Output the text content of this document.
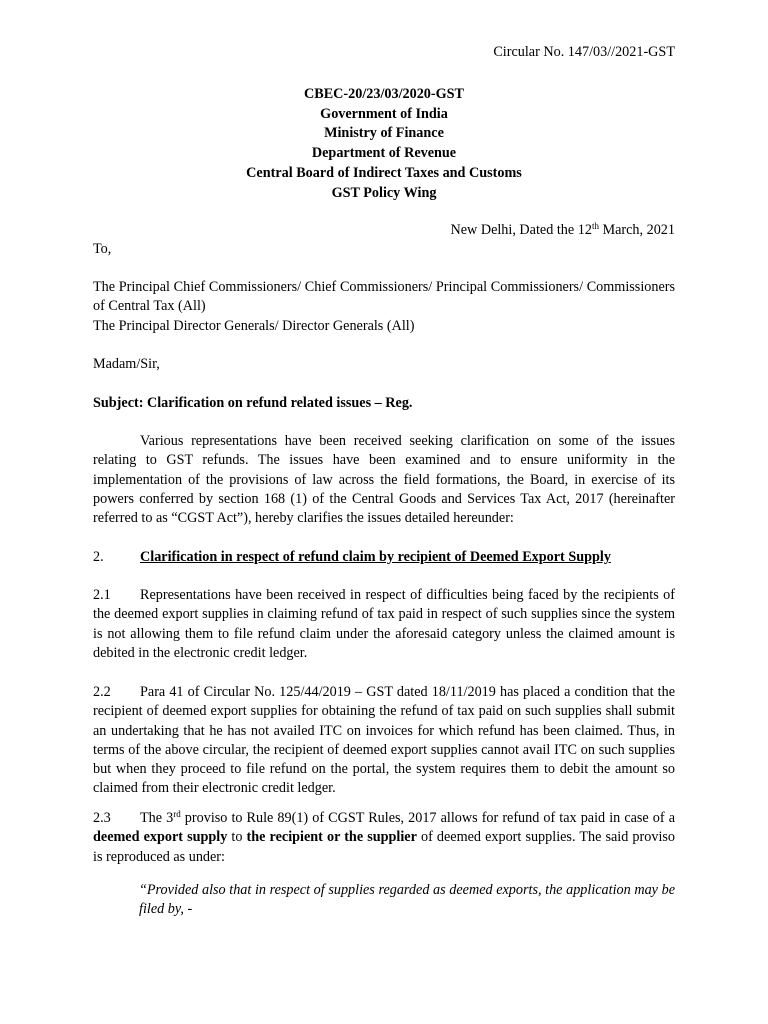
Circular No. 147/03//2021-GST
CBEC-20/23/03/2020-GST
Government of India
Ministry of Finance
Department of Revenue
Central Board of Indirect Taxes and Customs
GST Policy Wing
New Delhi, Dated the 12th March, 2021
To,
The Principal Chief Commissioners/ Chief Commissioners/ Principal Commissioners/ Commissioners of Central Tax (All)
The Principal Director Generals/ Director Generals (All)
Madam/Sir,
Subject: Clarification on refund related issues – Reg.
Various representations have been received seeking clarification on some of the issues relating to GST refunds. The issues have been examined and to ensure uniformity in the implementation of the provisions of law across the field formations, the Board, in exercise of its powers conferred by section 168 (1) of the Central Goods and Services Tax Act, 2017 (hereinafter referred to as “CGST Act”), hereby clarifies the issues detailed hereunder:
2.	Clarification in respect of refund claim by recipient of Deemed Export Supply
2.1 Representations have been received in respect of difficulties being faced by the recipients of the deemed export supplies in claiming refund of tax paid in respect of such supplies since the system is not allowing them to file refund claim under the aforesaid category unless the claimed amount is debited in the electronic credit ledger.
2.2 Para 41 of Circular No. 125/44/2019 – GST dated 18/11/2019 has placed a condition that the recipient of deemed export supplies for obtaining the refund of tax paid on such supplies shall submit an undertaking that he has not availed ITC on invoices for which refund has been claimed. Thus, in terms of the above circular, the recipient of deemed export supplies cannot avail ITC on such supplies but when they proceed to file refund on the portal, the system requires them to debit the amount so claimed from their electronic credit ledger.
2.3 The 3rd proviso to Rule 89(1) of CGST Rules, 2017 allows for refund of tax paid in case of a deemed export supply to the recipient or the supplier of deemed export supplies. The said proviso is reproduced as under:
“Provided also that in respect of supplies regarded as deemed exports, the application may be filed by, -
